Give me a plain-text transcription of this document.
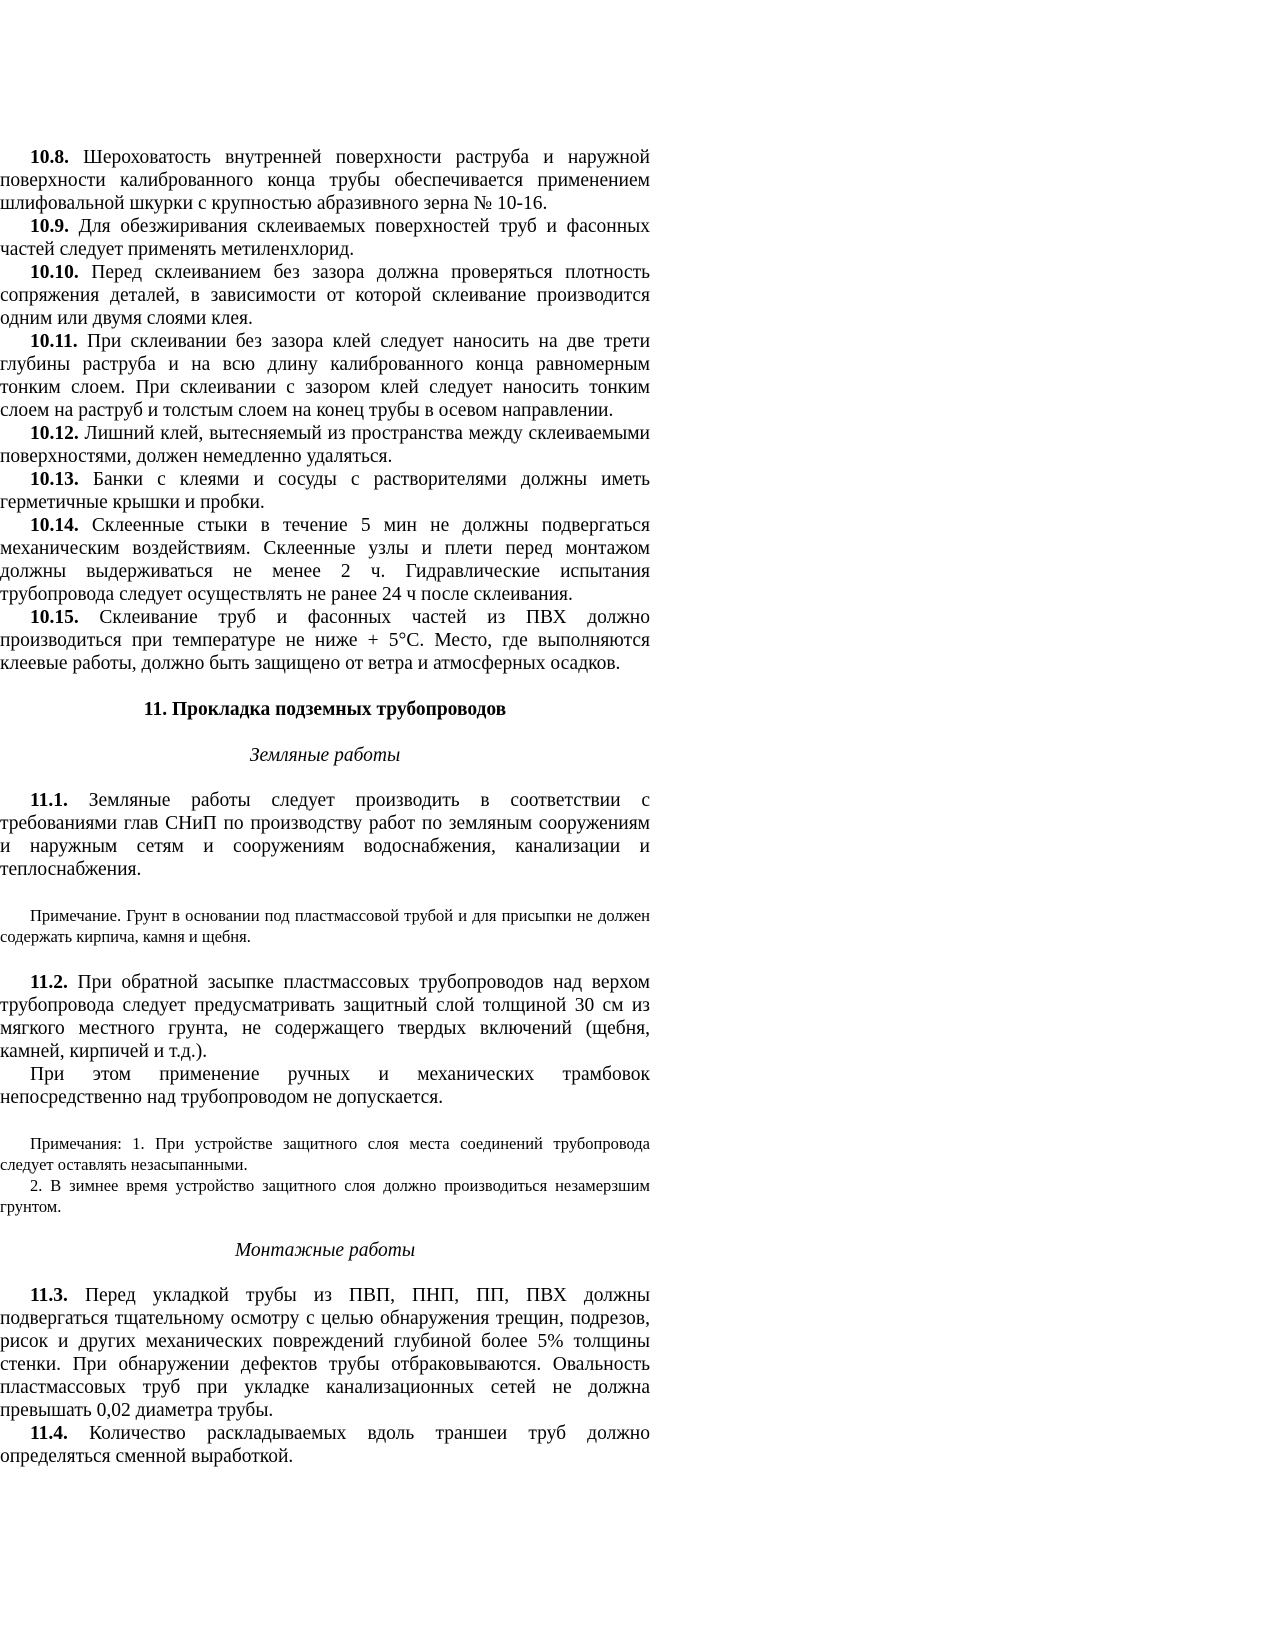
10.8. Шероховатость внутренней поверхности раструба и наружной поверхности калиброванного конца трубы обеспечивается применением шлифовальной шкурки с крупностью абразивного зерна № 10-16.

10.9. Для обезжиривания склеиваемых поверхностей труб и фасонных частей следует применять метиленхлорид.

10.10. Перед склеиванием без зазора должна проверяться плотность сопряжения деталей, в зависимости от которой склеивание производится одним или двумя слоями клея.

10.11. При склеивании без зазора клей следует наносить на две трети глубины раструба и на всю длину калиброванного конца равномерным тонким слоем. При склеивании с зазором клей следует наносить тонким слоем на раструб и толстым слоем на конец трубы в осевом направлении.

10.12. Лишний клей, вытесняемый из пространства между склеиваемыми поверхностями, должен немедленно удаляться.

10.13. Банки с клеями и сосуды с растворителями должны иметь герметичные крышки и пробки.

10.14. Склеенные стыки в течение 5 мин не должны подвергаться механическим воздействиям. Склеенные узлы и плети перед монтажом должны выдерживаться не менее 2 ч. Гидравлические испытания трубопровода следует осуществлять не ранее 24 ч после склеивания.

10.15. Склеивание труб и фасонных частей из ПВХ должно производиться при температуре не ниже + 5°C. Место, где выполняются клеевые работы, должно быть защищено от ветра и атмосферных осадков.

11. Прокладка подземных трубопроводов

Земляные работы

11.1. Земляные работы следует производить в соответствии с требованиями глав СНиП по производству работ по земляным сооружениям и наружным сетям и сооружениям водоснабжения, канализации и теплоснабжения.

Примечание. Грунт в основании под пластмассовой трубой и для присыпки не должен содержать кирпича, камня и щебня.

11.2. При обратной засыпке пластмассовых трубопроводов над верхом трубопровода следует предусматривать защитный слой толщиной 30 см из мягкого местного грунта, не содержащего твердых включений (щебня, камней, кирпичей и т.д.).

При этом применение ручных и механических трамбовок непосредственно над трубопроводом не допускается.

Примечания: 1. При устройстве защитного слоя места соединений трубопровода следует оставлять незасыпанными.

2. В зимнее время устройство защитного слоя должно производиться незамерзшим грунтом.

Монтажные работы

11.3. Перед укладкой трубы из ПВП, ПНП, ПП, ПВХ должны подвергаться тщательному осмотру с целью обнаружения трещин, подрезов, рисок и других механических повреждений глубиной более 5% толщины стенки. При обнаружении дефектов трубы отбраковываются. Овальность пластмассовых труб при укладке канализационных сетей не должна превышать 0,02 диаметра трубы.

11.4. Количество раскладываемых вдоль траншеи труб должно определяться сменной выработкой.
